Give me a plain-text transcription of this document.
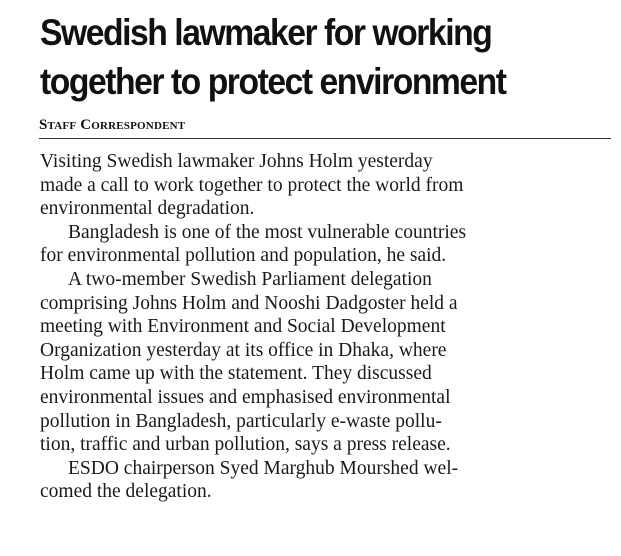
Swedish lawmaker for working
together to protect environment

Staff Correspondent

Visiting Swedish lawmaker Johns Holm yesterday
made a call to work together to protect the world from
environmental degradation.
Bangladesh is one of the most vulnerable countries
for environmental pollution and population, he said.
A two-member Swedish Parliament delegation
comprising Johns Holm and Nooshi Dadgoster held a
meeting with Environment and Social Development
Organization yesterday at its office in Dhaka, where
Holm came up with the statement. They discussed
environmental issues and emphasised environmental
pollution in Bangladesh, particularly e-waste pollu-
tion, traffic and urban pollution, says a press release.
ESDO chairperson Syed Marghub Mourshed wel-
comed the delegation.
